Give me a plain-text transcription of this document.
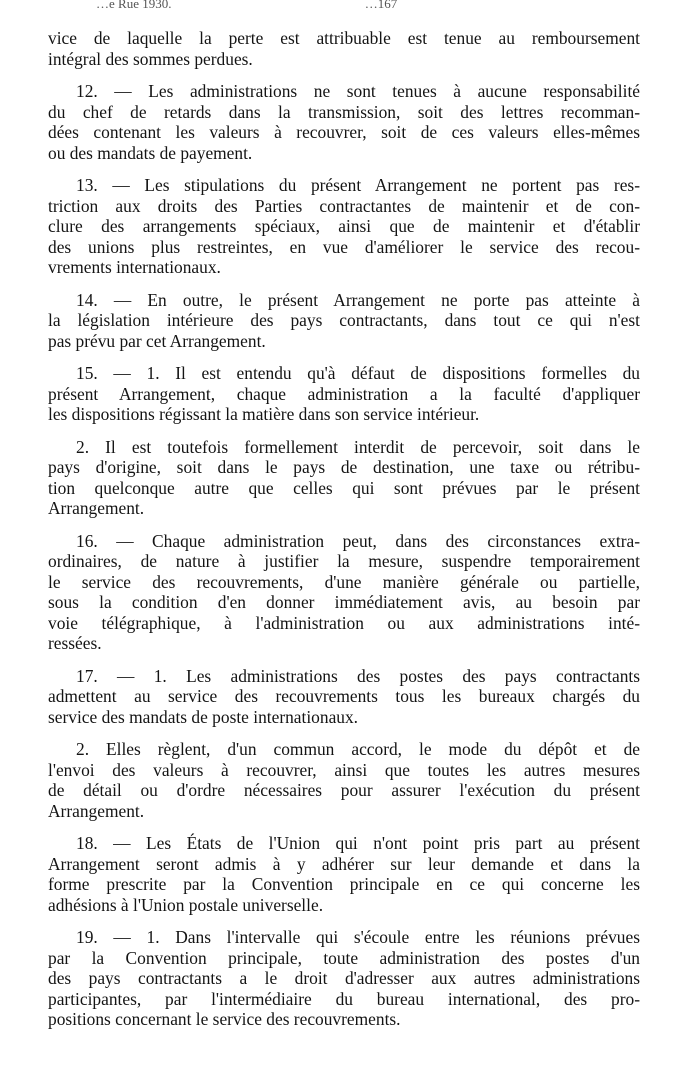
…e Rue 1930.	…167

vice de laquelle la perte est attribuable est tenue au remboursement
intégral des sommes perdues.

12. — Les administrations ne sont tenues à aucune responsabilité
du chef de retards dans la transmission, soit des lettres recomman-
dées contenant les valeurs à recouvrer, soit de ces valeurs elles-mêmes
ou des mandats de payement.

13. — Les stipulations du présent Arrangement ne portent pas res-
triction aux droits des Parties contractantes de maintenir et de con-
clure des arrangements spéciaux, ainsi que de maintenir et d'établir
des unions plus restreintes, en vue d'améliorer le service des recou-
vrements internationaux.

14. — En outre, le présent Arrangement ne porte pas atteinte à
la législation intérieure des pays contractants, dans tout ce qui n'est
pas prévu par cet Arrangement.

15. — 1. Il est entendu qu'à défaut de dispositions formelles du
présent Arrangement, chaque administration a la faculté d'appliquer
les dispositions régissant la matière dans son service intérieur.

2. Il est toutefois formellement interdit de percevoir, soit dans le
pays d'origine, soit dans le pays de destination, une taxe ou rétribu-
tion quelconque autre que celles qui sont prévues par le présent
Arrangement.

16. — Chaque administration peut, dans des circonstances extra-
ordinaires, de nature à justifier la mesure, suspendre temporairement
le service des recouvrements, d'une manière générale ou partielle,
sous la condition d'en donner immédiatement avis, au besoin par
voie télégraphique, à l'administration ou aux administrations inté-
ressées.

17. — 1. Les administrations des postes des pays contractants
admettent au service des recouvrements tous les bureaux chargés du
service des mandats de poste internationaux.

2. Elles règlent, d'un commun accord, le mode du dépôt et de
l'envoi des valeurs à recouvrer, ainsi que toutes les autres mesures
de détail ou d'ordre nécessaires pour assurer l'exécution du présent
Arrangement.

18. — Les États de l'Union qui n'ont point pris part au présent
Arrangement seront admis à y adhérer sur leur demande et dans la
forme prescrite par la Convention principale en ce qui concerne les
adhésions à l'Union postale universelle.

19. — 1. Dans l'intervalle qui s'écoule entre les réunions prévues
par la Convention principale, toute administration des postes d'un
des pays contractants a le droit d'adresser aux autres administrations
participantes, par l'intermédiaire du bureau international, des pro-
positions concernant le service des recouvrements.
